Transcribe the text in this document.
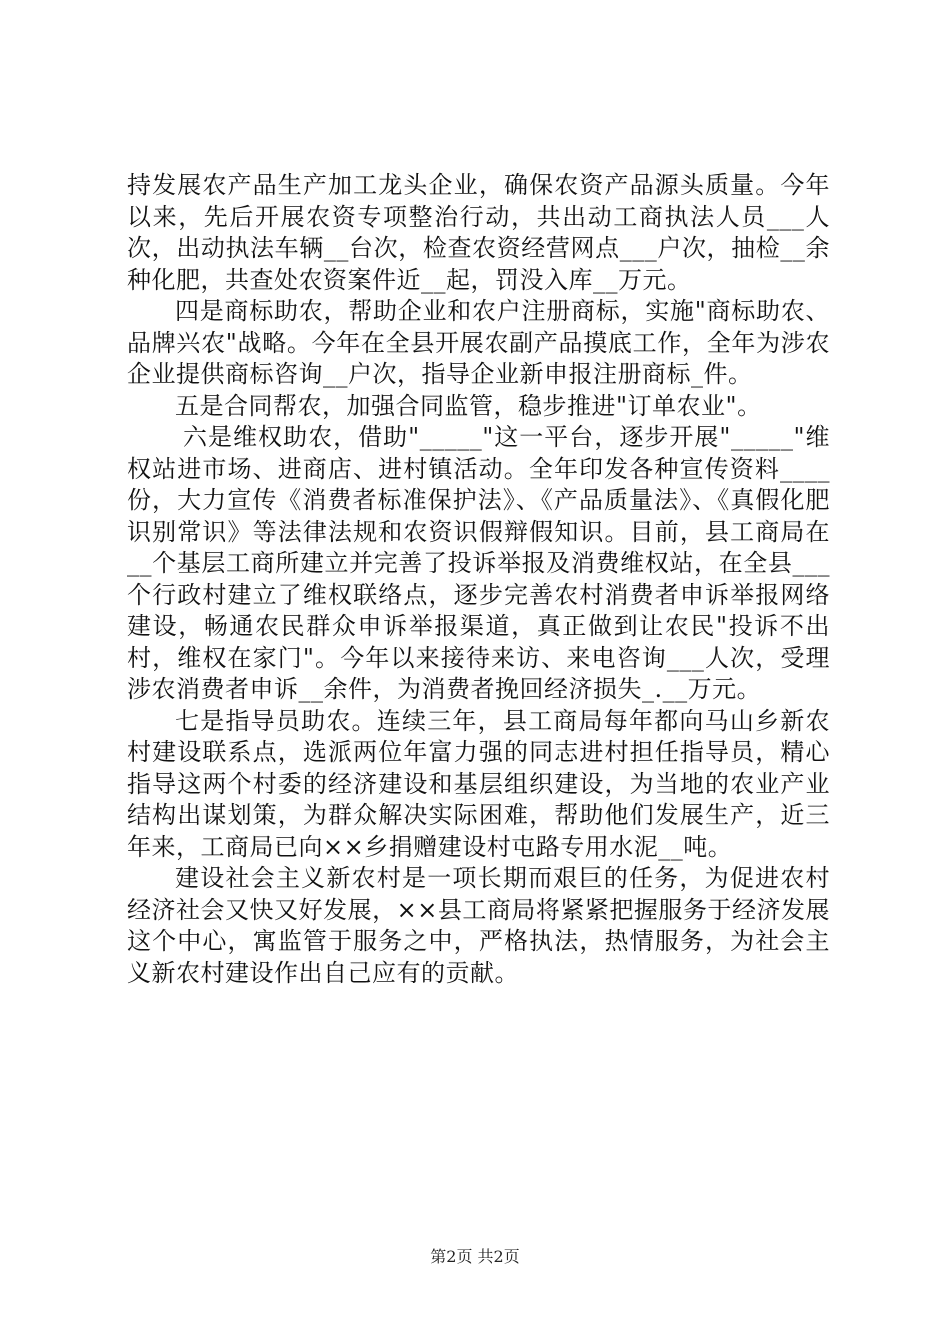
持发展农产品生产加工龙头企业，确保农资产品源头质量。今年以来，先后开展农资专项整治行动，共出动工商执法人员___人次，出动执法车辆__台次，检查农资经营网点___户次，抽检__余种化肥，共查处农资案件近__起，罚没入库__万元。

四是商标助农，帮助企业和农户注册商标，实施"商标助农、品牌兴农"战略。今年在全县开展农副产品摸底工作，全年为涉农企业提供商标咨询__户次，指导企业新申报注册商标_件。

五是合同帮农，加强合同监管，稳步推进"订单农业"。

六是维权助农，借助"_____"这一平台，逐步开展"_____"维权站进市场、进商店、进村镇活动。全年印发各种宣传资料____份，大力宣传《消费者标准保护法》、《产品质量法》、《真假化肥识别常识》等法律法规和农资识假辩假知识。目前，县工商局在__个基层工商所建立并完善了投诉举报及消费维权站，在全县___个行政村建立了维权联络点，逐步完善农村消费者申诉举报网络建设，畅通农民群众申诉举报渠道，真正做到让农民"投诉不出村，维权在家门"。今年以来接待来访、来电咨询___人次，受理涉农消费者申诉__余件，为消费者挽回经济损失_.__万元。

七是指导员助农。连续三年，县工商局每年都向马山乡新农村建设联系点，选派两位年富力强的同志进村担任指导员，精心指导这两个村委的经济建设和基层组织建设，为当地的农业产业结构出谋划策，为群众解决实际困难，帮助他们发展生产，近三年来，工商局已向××乡捐赠建设村屯路专用水泥__吨。

建设社会主义新农村是一项长期而艰巨的任务，为促进农村经济社会又快又好发展，××县工商局将紧紧把握服务于经济发展这个中心，寓监管于服务之中，严格执法，热情服务，为社会主义新农村建设作出自己应有的贡献。

第2页 共2页
